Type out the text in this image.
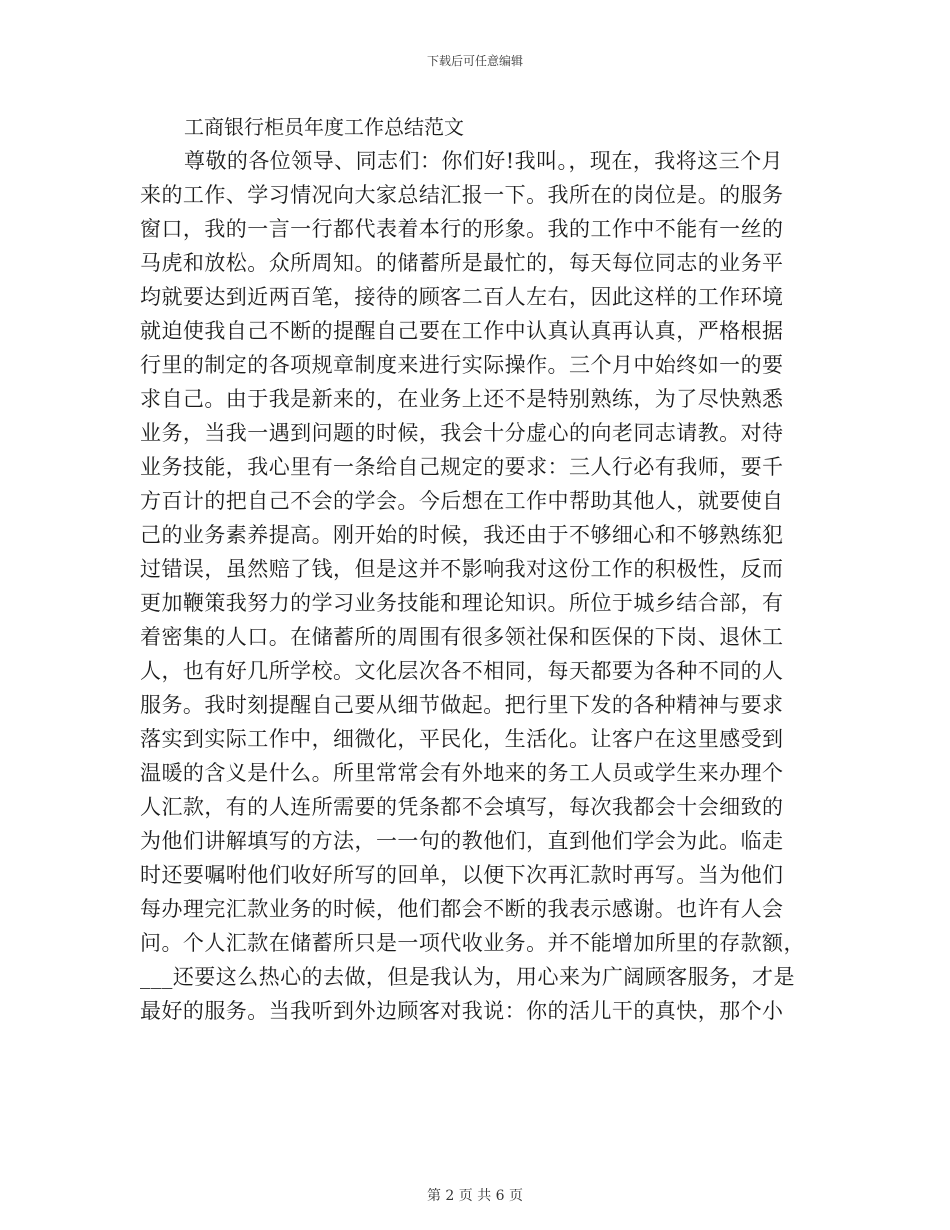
下载后可任意编辑
工商银行柜员年度工作总结范文
尊敬的各位领导、同志们：你们好!我叫。，现在，我将这三个月
来的工作、学习情况向大家总结汇报一下。我所在的岗位是。的服务
窗口，我的一言一行都代表着本行的形象。我的工作中不能有一丝的
马虎和放松。众所周知。的储蓄所是最忙的，每天每位同志的业务平
均就要达到近两百笔，接待的顾客二百人左右，因此这样的工作环境
就迫使我自己不断的提醒自己要在工作中认真认真再认真，严格根据
行里的制定的各项规章制度来进行实际操作。三个月中始终如一的要
求自己。由于我是新来的，在业务上还不是特别熟练，为了尽快熟悉
业务，当我一遇到问题的时候，我会十分虚心的向老同志请教。对待
业务技能，我心里有一条给自己规定的要求：三人行必有我师，要千
方百计的把自己不会的学会。今后想在工作中帮助其他人，就要使自
己的业务素养提高。刚开始的时候，我还由于不够细心和不够熟练犯
过错误，虽然赔了钱，但是这并不影响我对这份工作的积极性，反而
更加鞭策我努力的学习业务技能和理论知识。所位于城乡结合部，有
着密集的人口。在储蓄所的周围有很多领社保和医保的下岗、退休工
人，也有好几所学校。文化层次各不相同，每天都要为各种不同的人
服务。我时刻提醒自己要从细节做起。把行里下发的各种精神与要求
落实到实际工作中，细微化，平民化，生活化。让客户在这里感受到
温暖的含义是什么。所里常常会有外地来的务工人员或学生来办理个
人汇款，有的人连所需要的凭条都不会填写，每次我都会十会细致的
为他们讲解填写的方法，一一句的教他们，直到他们学会为此。临走
时还要嘱咐他们收好所写的回单，以便下次再汇款时再写。当为他们
每办理完汇款业务的时候，他们都会不断的我表示感谢。也许有人会
问。个人汇款在储蓄所只是一项代收业务。并不能增加所里的存款额，
___还要这么热心的去做，但是我认为，用心来为广阔顾客服务，才是
最好的服务。当我听到外边顾客对我说：你的活儿干的真快，那个小
第 2 页 共 6 页
